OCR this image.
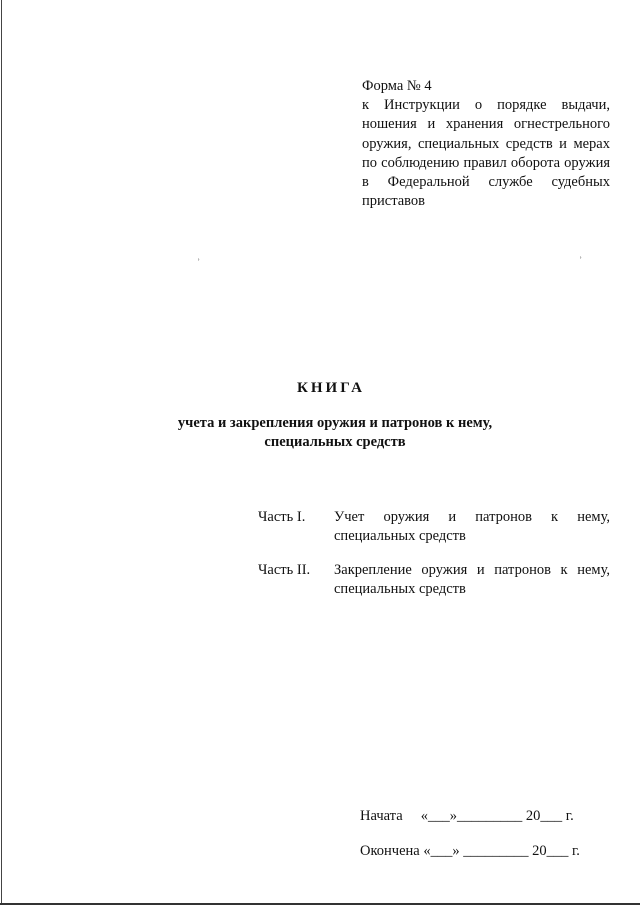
Форма № 4
к Инструкции о порядке выдачи, ношения и хранения огнестрельного оружия, специальных средств и мерах по соблюдению правил оборота оружия в Федеральной службе судебных приставов
˒	˒
КНИГА
учета и закрепления оружия и патронов к нему, специальных средств
Часть I.	Учет оружия и патронов к нему, специальных средств
Часть II.	Закрепление оружия и патронов к нему, специальных средств
Начата     «___»_________ 20___ г.
Окончена «___» _________ 20___ г.
